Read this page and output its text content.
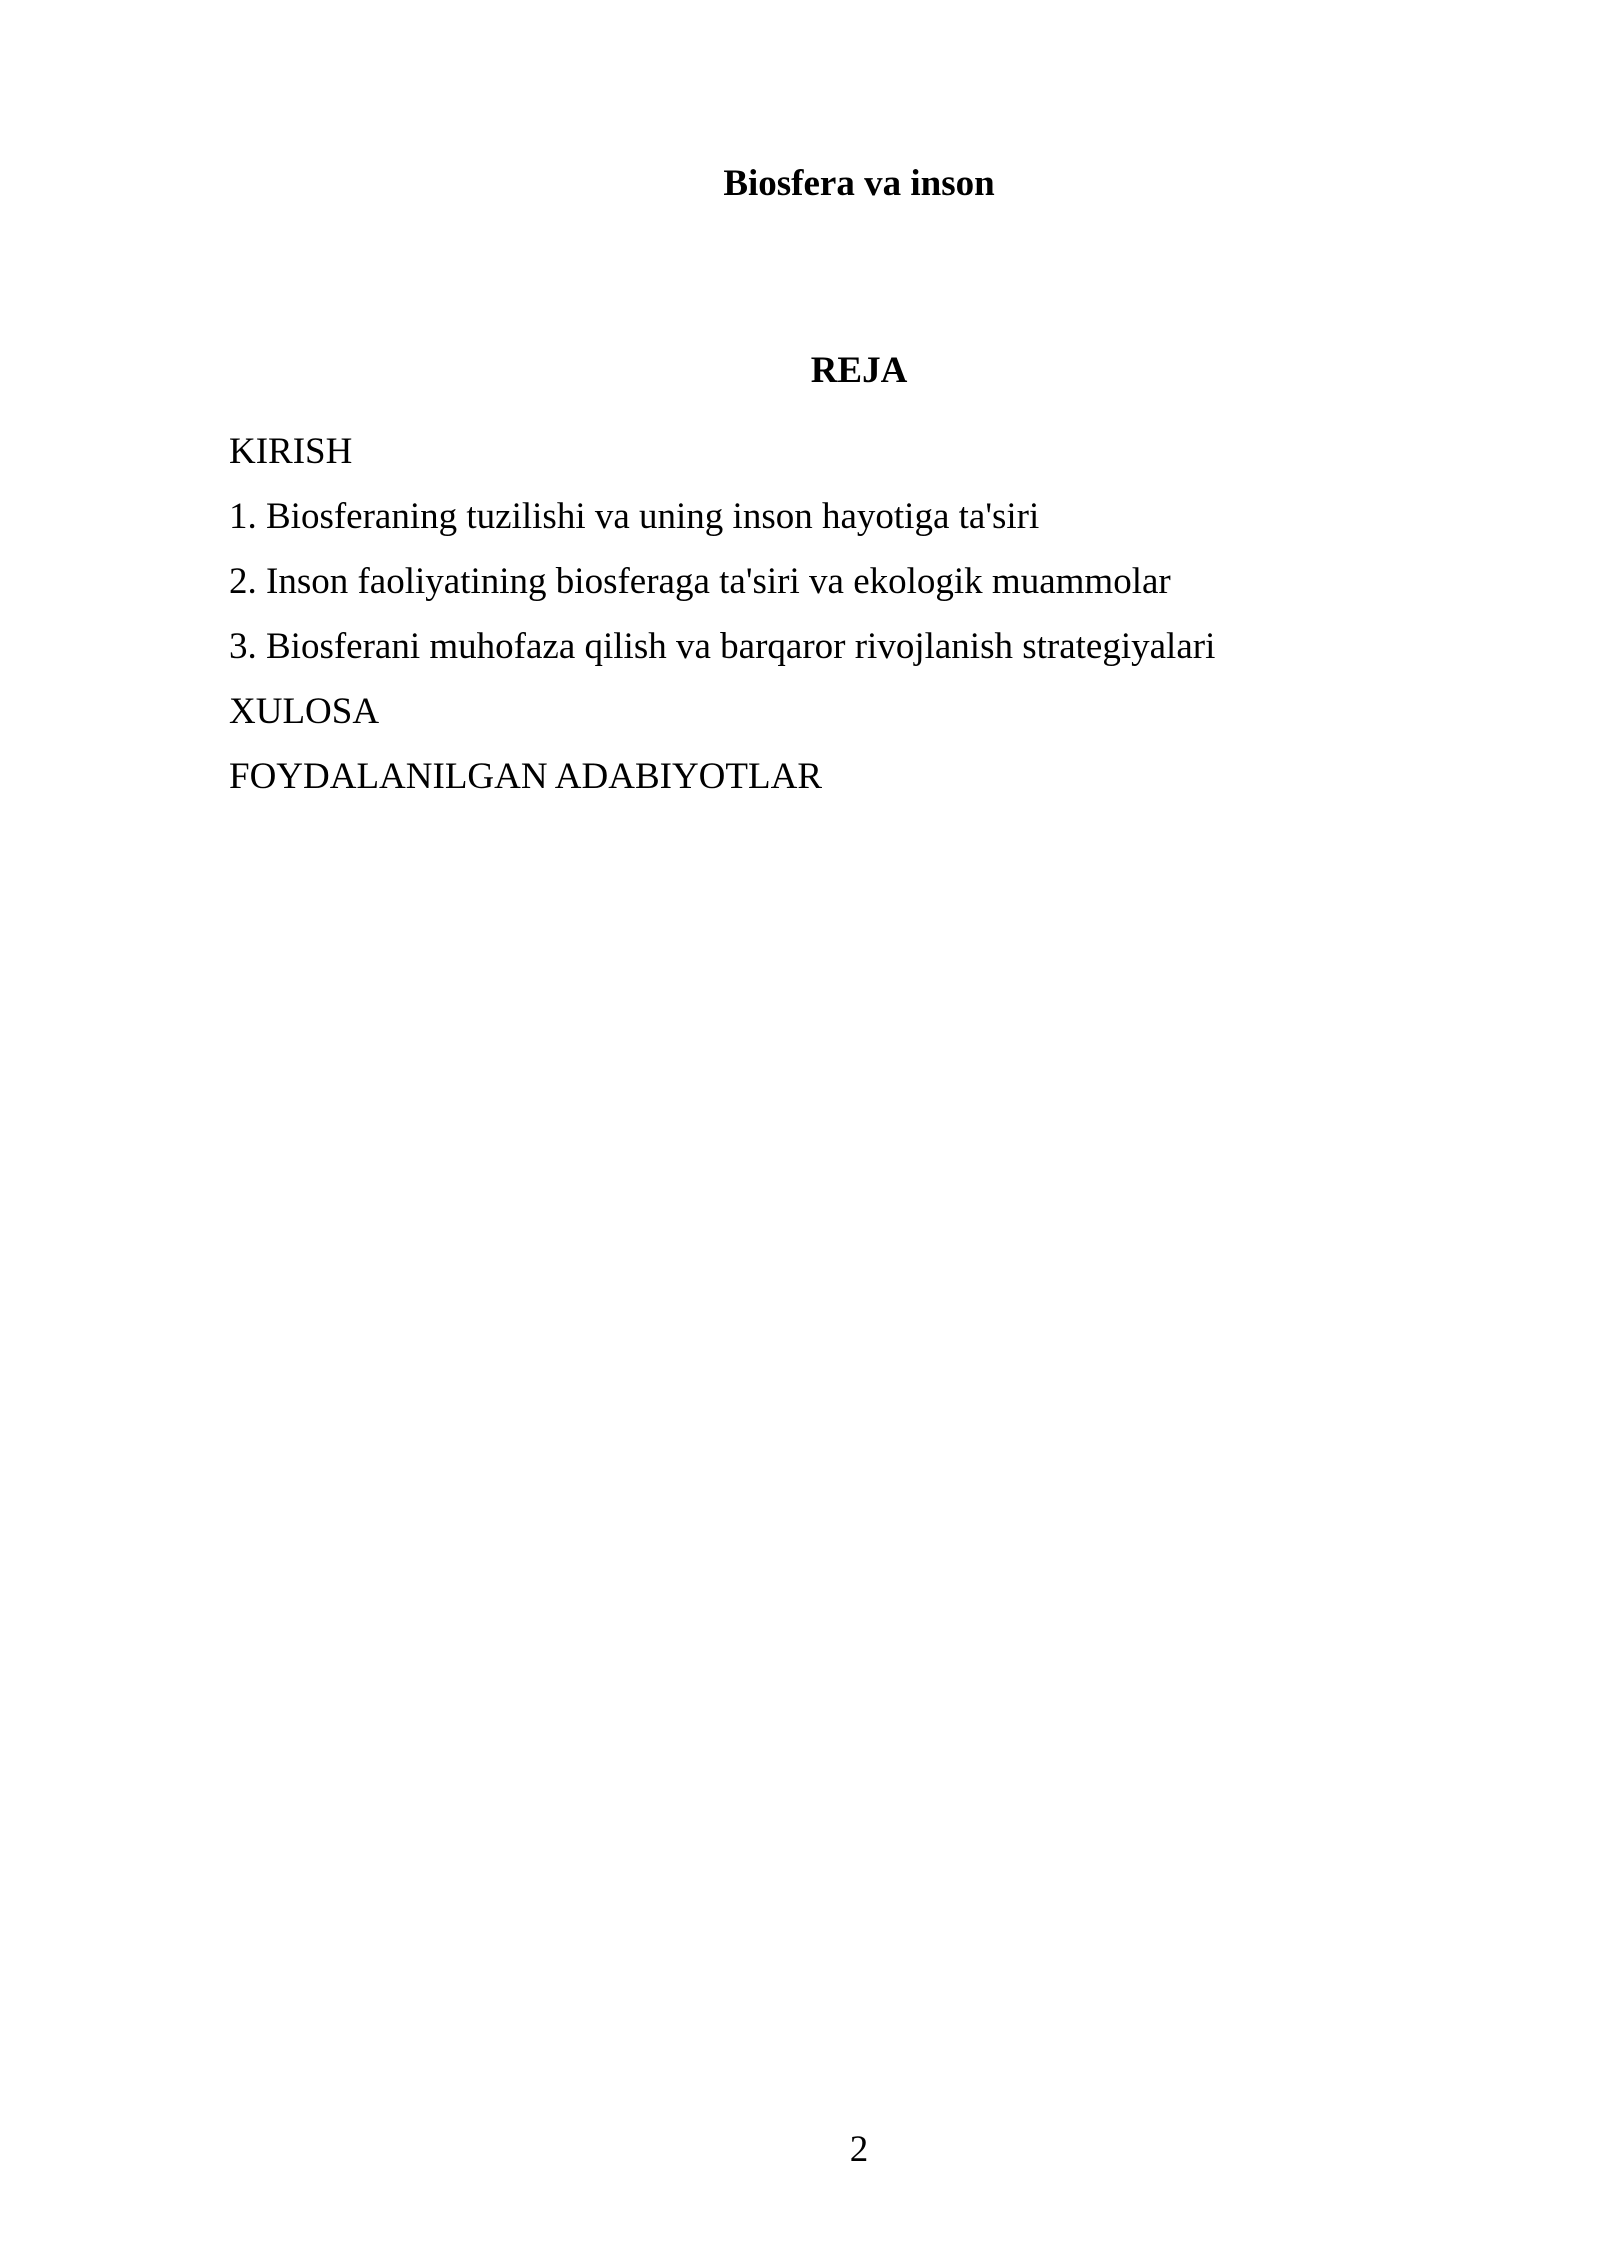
Biosfera va inson
REJA
KIRISH
1. Biosferaning tuzilishi va uning inson hayotiga ta'siri
2. Inson faoliyatining biosferaga ta'siri va ekologik muammolar
3. Biosferani muhofaza qilish va barqaror rivojlanish strategiyalari
XULOSA
FOYDALANILGAN ADABIYOTLAR
2
